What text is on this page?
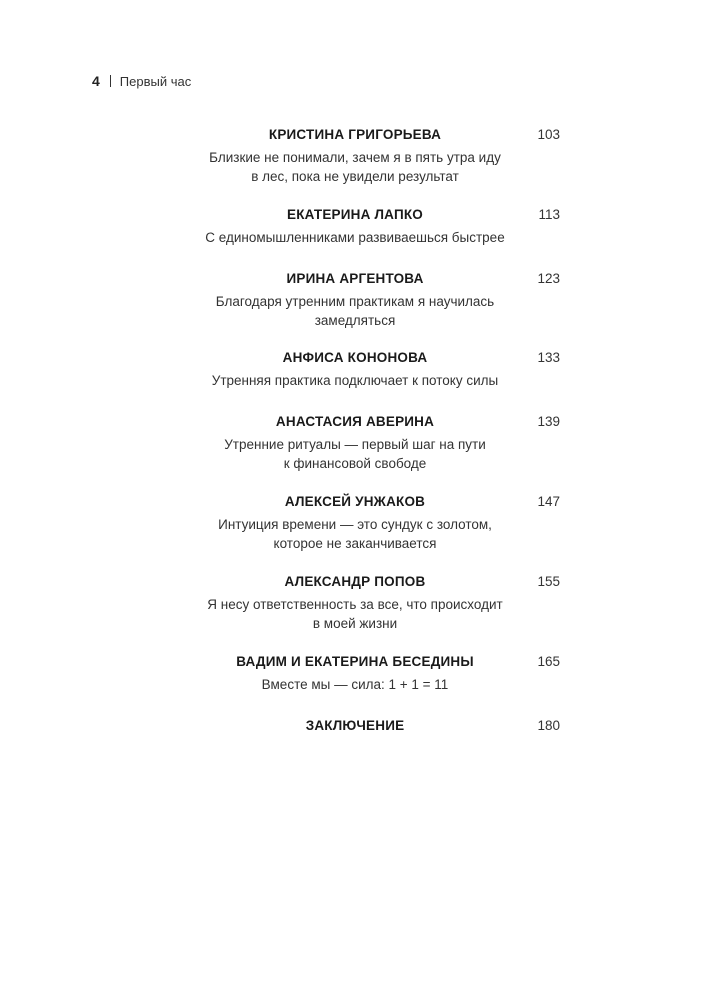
4 Первый час
КРИСТИНА ГРИГОРЬЕВА	103
Близкие не понимали, зачем я в пять утра иду
в лес, пока не увидели результат
ЕКАТЕРИНА ЛАПКО	113
С единомышленниками развиваешься быстрее
ИРИНА АРГЕНТОВА	123
Благодаря утренним практикам я научилась
замедляться
АНФИСА КОНОНОВА	133
Утренняя практика подключает к потоку силы
АНАСТАСИЯ АВЕРИНА	139
Утренние ритуалы — первый шаг на пути
к финансовой свободе
АЛЕКСЕЙ УНЖАКОВ	147
Интуиция времени — это сундук с золотом,
которое не заканчивается
АЛЕКСАНДР ПОПОВ	155
Я несу ответственность за все, что происходит
в моей жизни
ВАДИМ И ЕКАТЕРИНА БЕСЕДИНЫ	165
Вместе мы — сила: 1 + 1 = 11
ЗАКЛЮЧЕНИЕ	180
